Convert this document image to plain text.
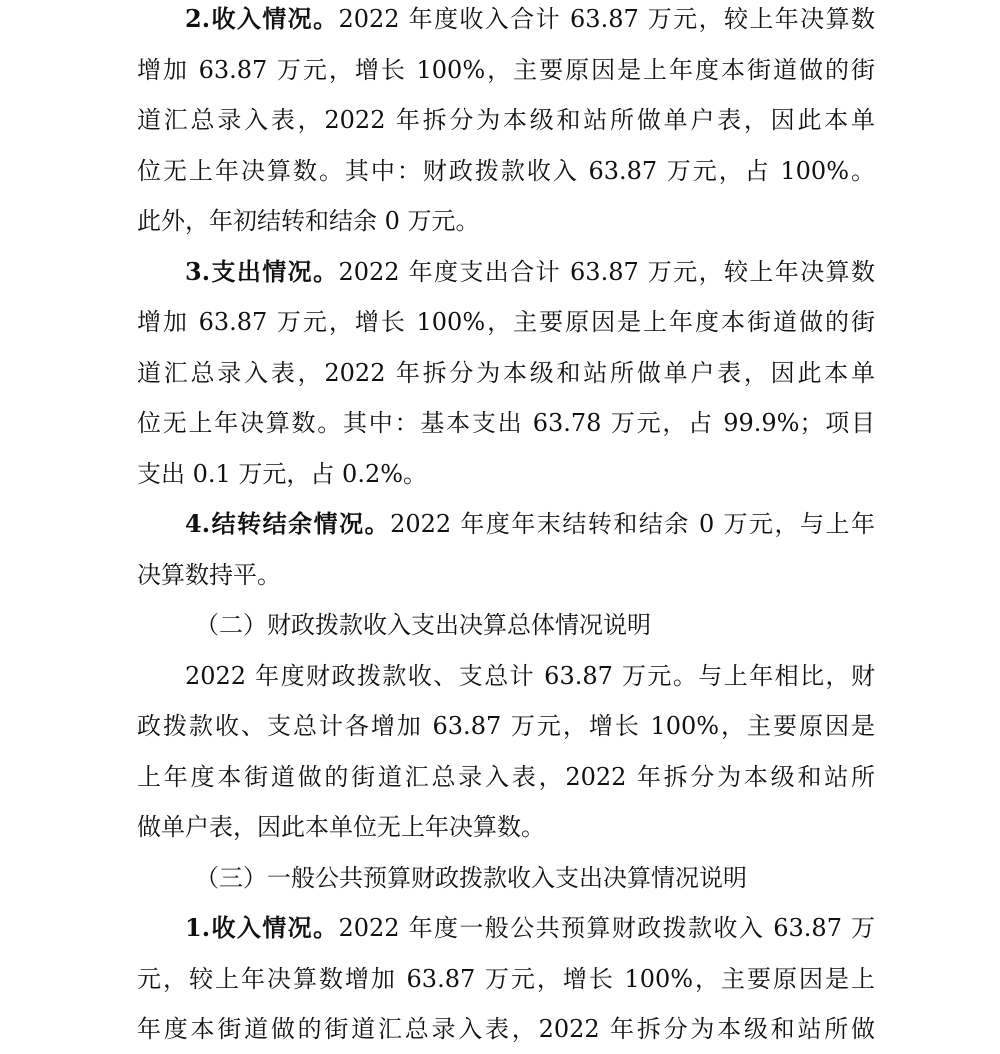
2.收入情况。2022 年度收入合计 63.87 万元，较上年决算数
增加 63.87 万元，增长 100%，主要原因是上年度本街道做的街
道汇总录入表，2022 年拆分为本级和站所做单户表，因此本单
位无上年决算数。其中：财政拨款收入 63.87 万元，占 100%。
此外，年初结转和结余 0 万元。
3.支出情况。2022 年度支出合计 63.87 万元，较上年决算数
增加 63.87 万元，增长 100%，主要原因是上年度本街道做的街
道汇总录入表，2022 年拆分为本级和站所做单户表，因此本单
位无上年决算数。其中：基本支出 63.78 万元，占 99.9%；项目
支出 0.1 万元，占 0.2%。
4.结转结余情况。2022 年度年末结转和结余 0 万元，与上年
决算数持平。
（二）财政拨款收入支出决算总体情况说明
2022 年度财政拨款收、支总计 63.87 万元。与上年相比，财
政拨款收、支总计各增加 63.87 万元，增长 100%，主要原因是
上年度本街道做的街道汇总录入表，2022 年拆分为本级和站所
做单户表，因此本单位无上年决算数。
（三）一般公共预算财政拨款收入支出决算情况说明
1.收入情况。2022 年度一般公共预算财政拨款收入 63.87 万
元，较上年决算数增加 63.87 万元，增长 100%，主要原因是上
年度本街道做的街道汇总录入表，2022 年拆分为本级和站所做
